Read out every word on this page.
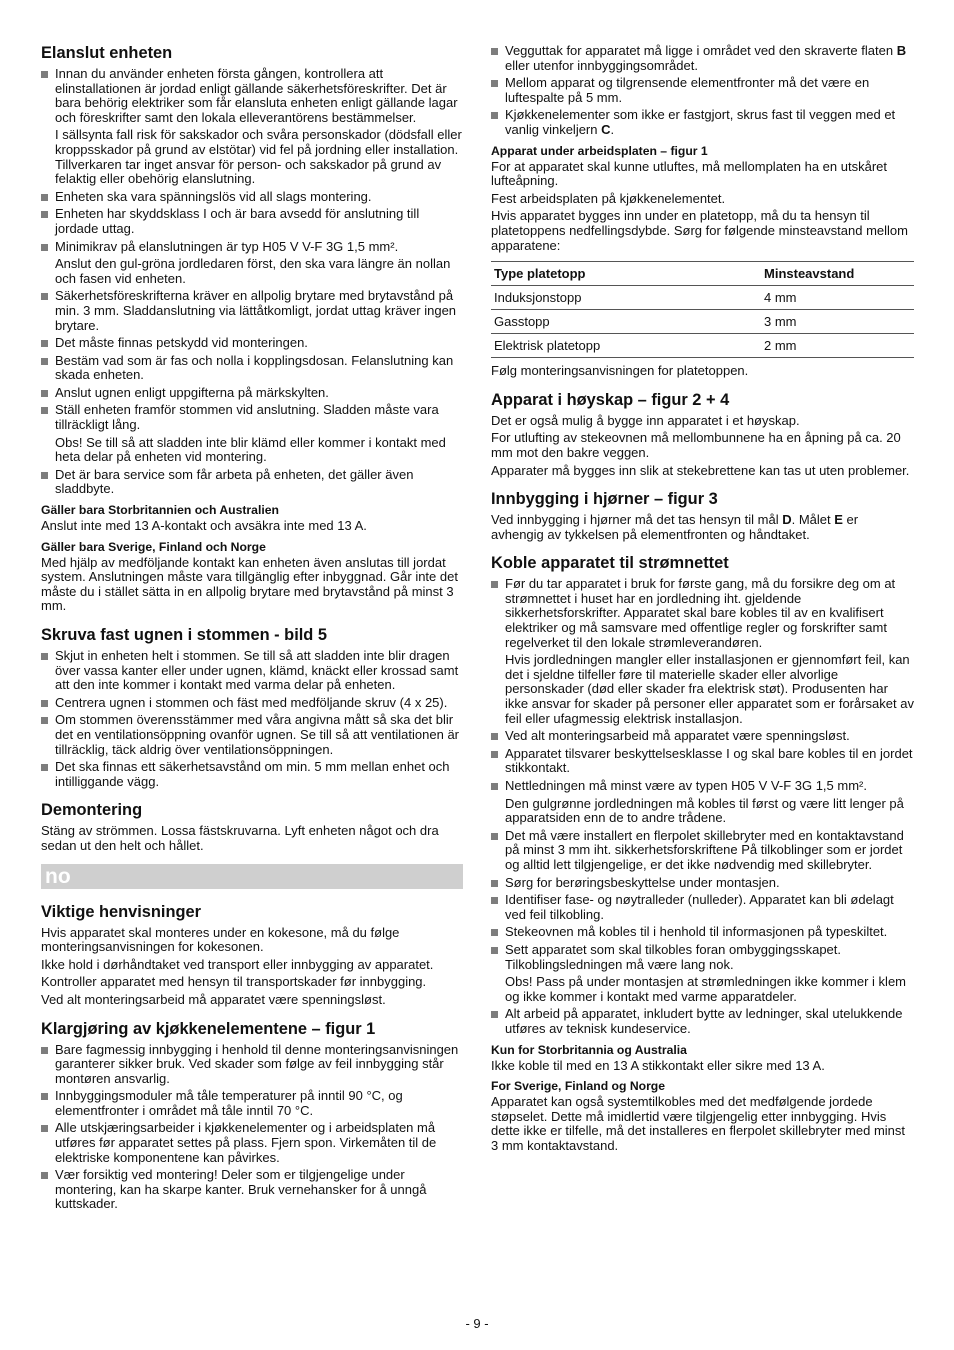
Elanslut enheten
Innan du använder enheten första gången, kontrollera att elinstallationen är jordad enligt gällande säkerhetsföreskrifter. Det är bara behörig elektriker som får elansluta enheten enligt gällande lagar och föreskrifter samt den lokala elleverantörens bestämmelser.
I sällsynta fall risk för sakskador och svåra personskador (dödsfall eller kroppsskador på grund av elstötar) vid fel på jordning eller installation. Tillverkaren tar inget ansvar för person- och sakskador på grund av felaktig eller obehörig elanslutning.
Enheten ska vara spänningslös vid all slags montering.
Enheten har skyddsklass I och är bara avsedd för anslutning till jordade uttag.
Minimikrav på elanslutningen är typ H05 V V-F 3G 1,5 mm².
Anslut den gul-gröna jordledaren först, den ska vara längre än nollan och fasen vid enheten.
Säkerhetsföreskrifterna kräver en allpolig brytare med brytavstånd på min. 3 mm. Sladdanslutning via lättåtkomligt, jordat uttag kräver ingen brytare.
Det måste finnas petskydd vid monteringen.
Bestäm vad som är fas och nolla i kopplingsdosan. Felanslutning kan skada enheten.
Anslut ugnen enligt uppgifterna på märkskylten.
Ställ enheten framför stommen vid anslutning. Sladden måste vara tillräckligt lång.
Obs! Se till så att sladden inte blir klämd eller kommer i kontakt med heta delar på enheten vid montering.
Det är bara service som får arbeta på enheten, det gäller även sladdbyte.
Gäller bara Storbritannien och Australien

Anslut inte med 13 A-kontakt och avsäkra inte med 13 A.

Gäller bara Sverige, Finland och Norge

Med hjälp av medföljande kontakt kan enheten även anslutas till jordat system. Anslutningen måste vara tillgänglig efter inbyggnad. Går inte det måste du i stället sätta in en allpolig brytare med brytavstånd på minst 3 mm.

Skruva fast ugnen i stommen - bild 5
Skjut in enheten helt i stommen. Se till så att sladden inte blir dragen över vassa kanter eller under ugnen, klämd, knäckt eller krossad samt att den inte kommer i kontakt med varma delar på enheten.
Centrera ugnen i stommen och fäst med medföljande skruv (4 x 25).
Om stommen överensstämmer med våra angivna mått så ska det blir det en ventilationsöppning ovanför ugnen. Se till så att ventilationen är tillräcklig, täck aldrig över ventilationsöppningen.
Det ska finnas ett säkerhetsavstånd om min. 5 mm mellan enhet och intilliggande vägg.
Demontering

Stäng av strömmen. Lossa fästskruvarna. Lyft enheten något och dra sedan ut den helt och hållet.

no
Viktige henvisninger

Hvis apparatet skal monteres under en kokesone, må du følge monteringsanvisningen for kokesonen.

Ikke hold i dørhåndtaket ved transport eller innbygging av apparatet.

Kontroller apparatet med hensyn til transportskader før innbygging.

Ved alt monteringsarbeid må apparatet være spenningsløst.

Klargjøring av kjøkkenelementene – figur 1
Bare fagmessig innbygging i henhold til denne monteringsanvisningen garanterer sikker bruk. Ved skader som følge av feil innbygging står montøren ansvarlig.
Innbyggingsmoduler må tåle temperaturer på inntil 90 °C, og elementfronter i området må tåle inntil 70 °C.
Alle utskjæringsarbeider i kjøkkenelementer og i arbeidsplaten må utføres før apparatet settes på plass. Fjern spon. Virkemåten til de elektriske komponentene kan påvirkes.
Vær forsiktig ved montering! Deler som er tilgjengelige under montering, kan ha skarpe kanter. Bruk vernehansker for å unngå kuttskader.
Vegguttak for apparatet må ligge i området ved den skraverte flaten B eller utenfor innbyggingsområdet.
Mellom apparat og tilgrensende elementfronter må det være en luftespalte på 5 mm.
Kjøkkenelementer som ikke er fastgjort, skrus fast til veggen med et vanlig vinkeljern C.
Apparat under arbeidsplaten – figur 1

For at apparatet skal kunne utluftes, må mellomplaten ha en utskåret lufteåpning.

Fest arbeidsplaten på kjøkkenelementet.

Hvis apparatet bygges inn under en platetopp, må du ta hensyn til platetoppens nedfellingsdybde. Sørg for følgende minsteavstand mellom apparatene:

Type platetopp	Minsteavstand
Induksjonstopp	4 mm
Gasstopp	3 mm
Elektrisk platetopp	2 mm

Følg monteringsanvisningen for platetoppen.

Apparat i høyskap – figur 2 + 4

Det er også mulig å bygge inn apparatet i et høyskap.

For utlufting av stekeovnen må mellombunnene ha en åpning på ca. 20 mm mot den bakre veggen.

Apparater må bygges inn slik at stekebrettene kan tas ut uten problemer.

Innbygging i hjørner – figur 3

Ved innbygging i hjørner må det tas hensyn til mål D. Målet E er avhengig av tykkelsen på elementfronten og håndtaket.

Koble apparatet til strømnettet
Før du tar apparatet i bruk for første gang, må du forsikre deg om at strømnettet i huset har en jordledning iht. gjeldende sikkerhetsforskrifter. Apparatet skal bare kobles til av en kvalifisert elektriker og må samsvare med offentlige regler og forskrifter samt regelverket til den lokale strømleverandøren.
Hvis jordledningen mangler eller installasjonen er gjennomført feil, kan det i sjeldne tilfeller føre til materielle skader eller alvorlige personskader (død eller skader fra elektrisk støt). Produsenten har ikke ansvar for skader på personer eller apparatet som er forårsaket av feil eller ufagmessig elektrisk installasjon.
Ved alt monteringsarbeid må apparatet være spenningsløst.
Apparatet tilsvarer beskyttelsesklasse I og skal bare kobles til en jordet stikkontakt.
Nettledningen må minst være av typen H05 V V-F 3G 1,5 mm².
Den gulgrønne jordledningen må kobles til først og være litt lenger på apparatsiden enn de to andre trådene.
Det må være installert en flerpolet skillebryter med en kontaktavstand på minst 3 mm iht. sikkerhetsforskriftene På tilkoblinger som er jordet og alltid lett tilgjengelige, er det ikke nødvendig med skillebryter.
Sørg for berøringsbeskyttelse under montasjen.
Identifiser fase- og nøytralleder (nulleder). Apparatet kan bli ødelagt ved feil tilkobling.
Stekeovnen må kobles til i henhold til informasjonen på typeskiltet.
Sett apparatet som skal tilkobles foran ombyggingsskapet. Tilkoblingsledningen må være lang nok.
Obs! Pass på under montasjen at strømledningen ikke kommer i klem og ikke kommer i kontakt med varme apparatdeler.
Alt arbeid på apparatet, inkludert bytte av ledninger, skal utelukkende utføres av teknisk kundeservice.
Kun for Storbritannia og Australia

Ikke koble til med en 13 A stikkontakt eller sikre med 13 A.

For Sverige, Finland og Norge

Apparatet kan også systemtilkobles med det medfølgende jordede støpselet. Dette må imidlertid være tilgjengelig etter innbygging. Hvis dette ikke er tilfelle, må det installeres en flerpolet skillebryter med minst 3 mm kontaktavstand.

- 9 -
